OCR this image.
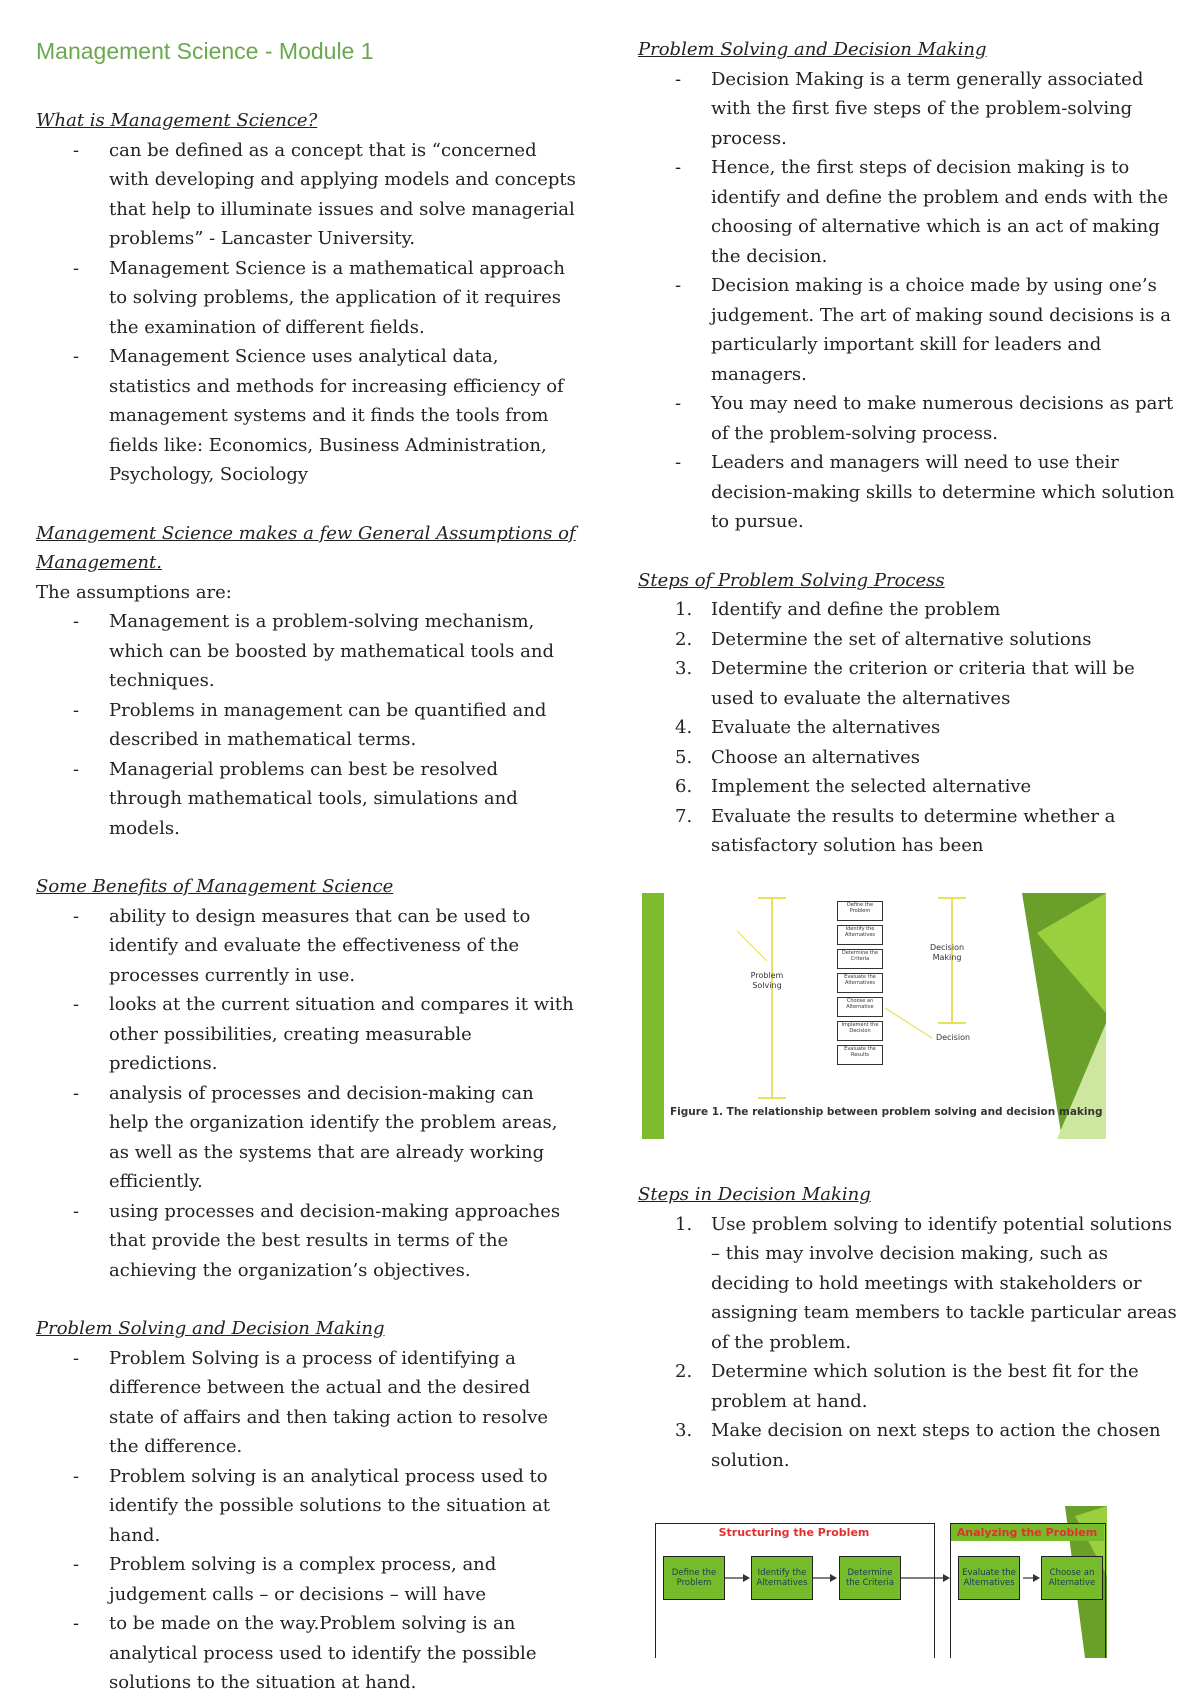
Management Science - Module 1

What is Management Science?

- can be defined as a concept that is “concerned with developing and applying models and concepts that help to illuminate issues and solve managerial problems” - Lancaster University.
- Management Science is a mathematical approach to solving problems, the application of it requires the examination of different fields.
- Management Science uses analytical data, statistics and methods for increasing efficiency of management systems and it finds the tools from fields like: Economics, Business Administration, Psychology, Sociology

Management Science makes a few General Assumptions of Management.

The assumptions are:

- Management is a problem-solving mechanism, which can be boosted by mathematical tools and techniques.
- Problems in management can be quantified and described in mathematical terms.
- Managerial problems can best be resolved through mathematical tools, simulations and models.

Some Benefits of Management Science

- ability to design measures that can be used to identify and evaluate the effectiveness of the processes currently in use.
- looks at the current situation and compares it with other possibilities, creating measurable predictions.
- analysis of processes and decision-making can help the organization identify the problem areas, as well as the systems that are already working efficiently.
- using processes and decision-making approaches that provide the best results in terms of the achieving the organization’s objectives.

Problem Solving and Decision Making

- Problem Solving is a process of identifying a difference between the actual and the desired state of affairs and then taking action to resolve the difference.
- Problem solving is an analytical process used to identify the possible solutions to the situation at hand.
- Problem solving is a complex process, and judgement calls – or decisions – will have
- to be made on the way.Problem solving is an analytical process used to identify the possible solutions to the situation at hand.

Problem Solving and Decision Making

- Decision Making is a term generally associated with the first five steps of the problem-solving process.
- Hence, the first steps of decision making is to identify and define the problem and ends with the choosing of alternative which is an act of making the decision.
- Decision making is a choice made by using one’s judgement. The art of making sound decisions is a particularly important skill for leaders and managers.
- You may need to make numerous decisions as part of the problem-solving process.
- Leaders and managers will need to use their decision-making skills to determine which solution to pursue.

Steps of Problem Solving Process

1. Identify and define the problem
2. Determine the set of alternative solutions
3. Determine the criterion or criteria that will be used to evaluate the alternatives
4. Evaluate the alternatives
5. Choose an alternatives
6. Implement the selected alternative
7. Evaluate the results to determine whether a satisfactory solution has been

Steps in Decision Making

1. Use problem solving to identify potential solutions – this may involve decision making, such as deciding to hold meetings with stakeholders or assigning team members to tackle particular areas of the problem.
2. Determine which solution is the best fit for the problem at hand.
3. Make decision on next steps to action the chosen solution.
Define the Problem
Identify the Alternatives
Determine the Criteria
Evaluate the Alternatives
Choose an Alternative
Implement the Decision
Evaluate the Results
Problem Solving
Decision Making
Decision
Figure 1. The relationship between problem solving and decision making
Structuring the Problem	Analyzing the Problem
Define the Problem
Identify the Alternatives
Determine the Criteria
Evaluate the Alternatives
Choose an Alternative
